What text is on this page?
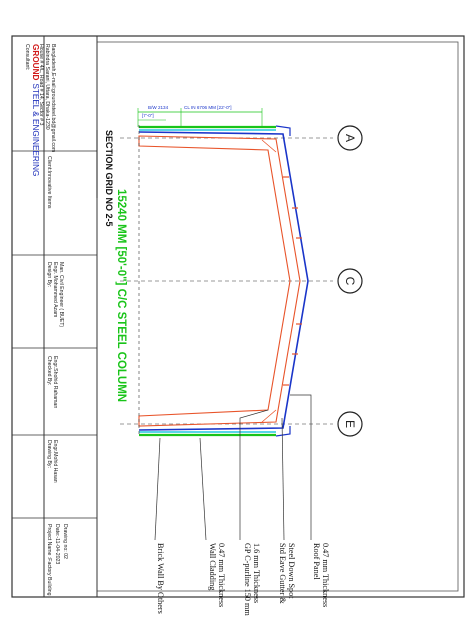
Consultant: GROUNDSTEEL & ENGINEERING
House # 4/L, Road # 14, Sector # 3 Rabindra Sarani, Uttara, Dhaka-1230 Bangladesh,E-mail:groundsteel.bd@gmail.com
Client:Innovative Items
Design By: Engr. Mohammed Azam Man. Civil Engineer ( BUET)
Checked By: Engr.Shohid Rahaman
Drawing By: Engr.Mohid Hasan
Project Name :Factory Building Date:-11-04-2023 Drawing no: 02
SECTION GRID NO 2-5
15240 MM [50'-0"] C/C STEEL COLUMN
B/W 2134	CL IN 6706 MM [22'-0"]
[7'-0"]
A
C
E
Roof Panel 0.47 mm Thickness
Std Eave Gutter & Steel Down Spot
GP C-purline 150 mm 1.6 mm Thickness
Wall Cladding 0.47 mm Thickness
Brick Wall By Others
